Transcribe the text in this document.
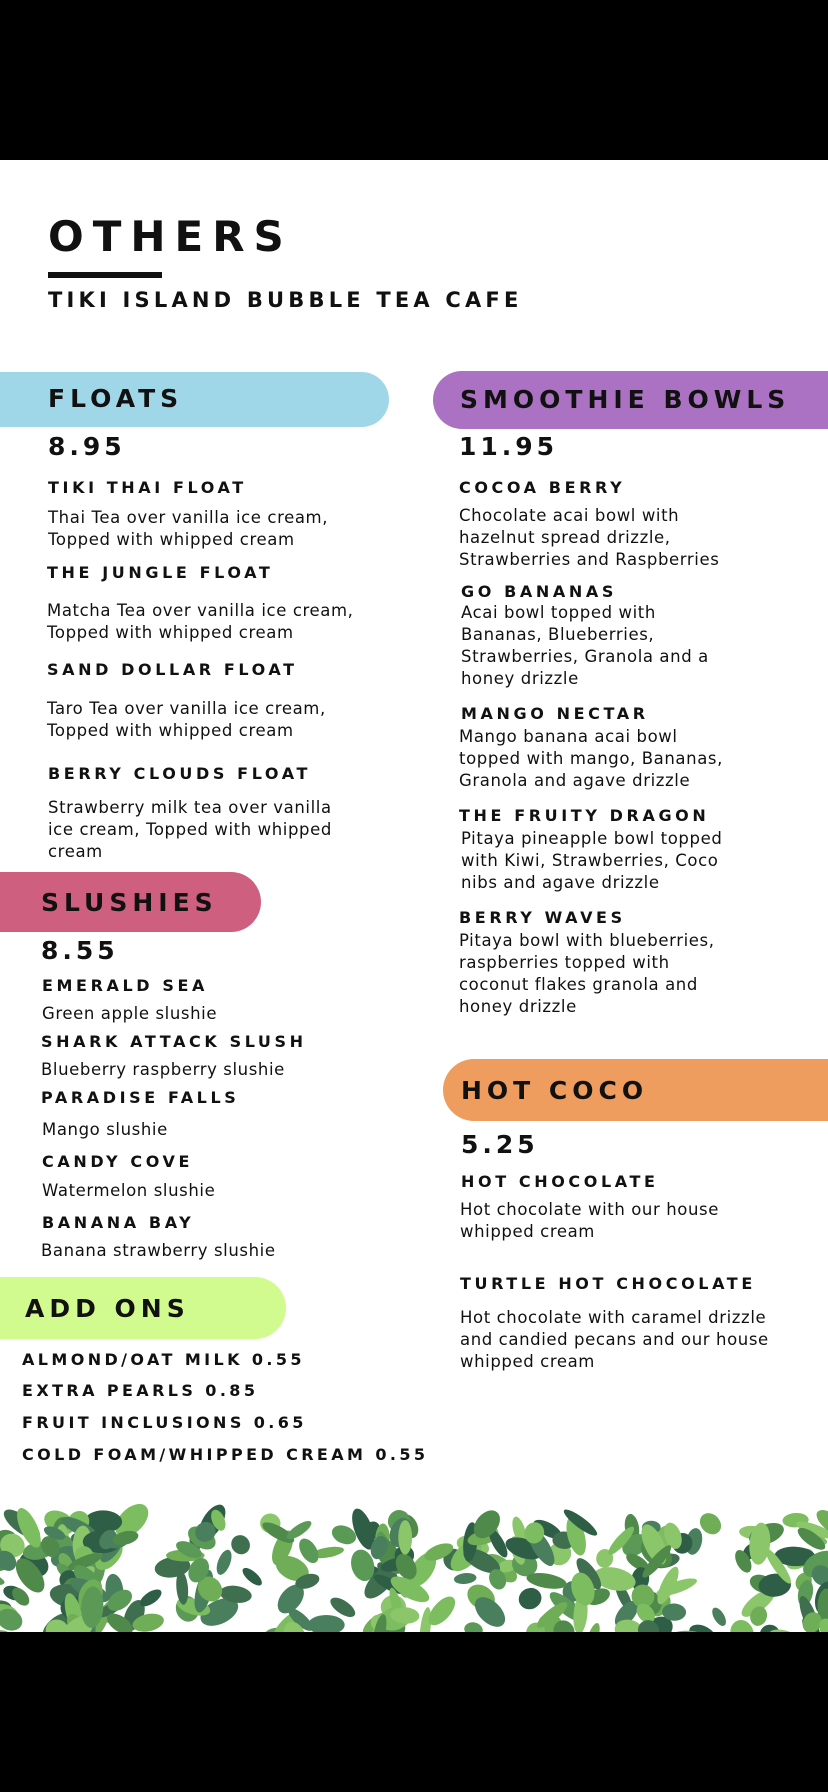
OTHERS
TIKI ISLAND BUBBLE TEA CAFE
FLOATS
8.95
TIKI THAI FLOAT
Thai Tea over vanilla ice cream, Topped with whipped cream
THE JUNGLE FLOAT
Matcha Tea over vanilla ice cream, Topped with whipped cream
SAND DOLLAR FLOAT
Taro Tea over vanilla ice cream, Topped with whipped cream
BERRY CLOUDS FLOAT
Strawberry milk tea over vanilla ice cream, Topped with whipped cream
SLUSHIES
8.55
EMERALD SEA
Green apple slushie
SHARK ATTACK SLUSH
Blueberry raspberry slushie
PARADISE FALLS
Mango slushie
CANDY COVE
Watermelon slushie
BANANA BAY
Banana strawberry slushie
ADD ONS
ALMOND/OAT MILK 0.55
EXTRA PEARLS 0.85
FRUIT INCLUSIONS 0.65
COLD FOAM/WHIPPED CREAM 0.55
SMOOTHIE BOWLS
11.95
COCOA BERRY
Chocolate acai bowl with hazelnut spread drizzle, Strawberries and Raspberries
GO BANANAS
Acai bowl topped with Bananas, Blueberries, Strawberries, Granola and a honey drizzle
MANGO NECTAR
Mango banana acai bowl topped with mango, Bananas, Granola and agave drizzle
THE FRUITY DRAGON
Pitaya pineapple bowl topped with Kiwi, Strawberries, Coco nibs and agave drizzle
BERRY WAVES
Pitaya bowl with blueberries, raspberries topped with coconut flakes granola and honey drizzle
HOT COCO
5.25
HOT CHOCOLATE
Hot chocolate with our house whipped cream
TURTLE HOT CHOCOLATE
Hot chocolate with caramel drizzle and candied pecans and our house whipped cream
